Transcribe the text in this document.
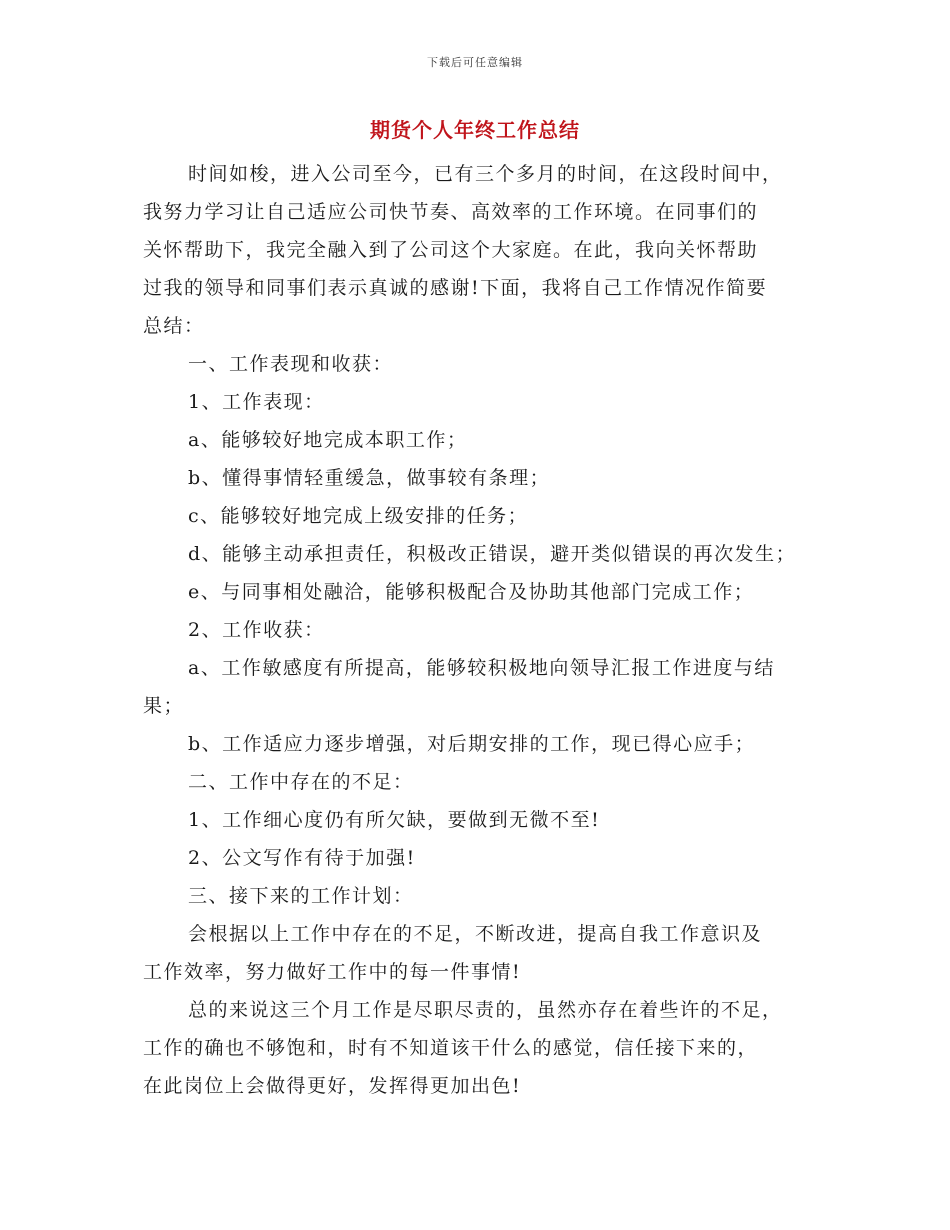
下载后可任意编辑
期货个人年终工作总结

时间如梭，进入公司至今，已有三个多月的时间，在这段时间中，
我努力学习让自己适应公司快节奏、高效率的工作环境。在同事们的
关怀帮助下，我完全融入到了公司这个大家庭。在此，我向关怀帮助
过我的领导和同事们表示真诚的感谢!下面，我将自己工作情况作简要
总结：

一、工作表现和收获：

1、工作表现：

a、能够较好地完成本职工作；

b、懂得事情轻重缓急，做事较有条理；

c、能够较好地完成上级安排的任务；

d、能够主动承担责任，积极改正错误，避开类似错误的再次发生；

e、与同事相处融洽，能够积极配合及协助其他部门完成工作；

2、工作收获：

a、工作敏感度有所提高，能够较积极地向领导汇报工作进度与结
果；

b、工作适应力逐步增强，对后期安排的工作，现已得心应手；

二、工作中存在的不足：

1、工作细心度仍有所欠缺，要做到无微不至!

2、公文写作有待于加强!

三、接下来的工作计划：

会根据以上工作中存在的不足，不断改进，提高自我工作意识及
工作效率，努力做好工作中的每一件事情!

总的来说这三个月工作是尽职尽责的，虽然亦存在着些许的不足，
工作的确也不够饱和，时有不知道该干什么的感觉，信任接下来的，
在此岗位上会做得更好，发挥得更加出色!
